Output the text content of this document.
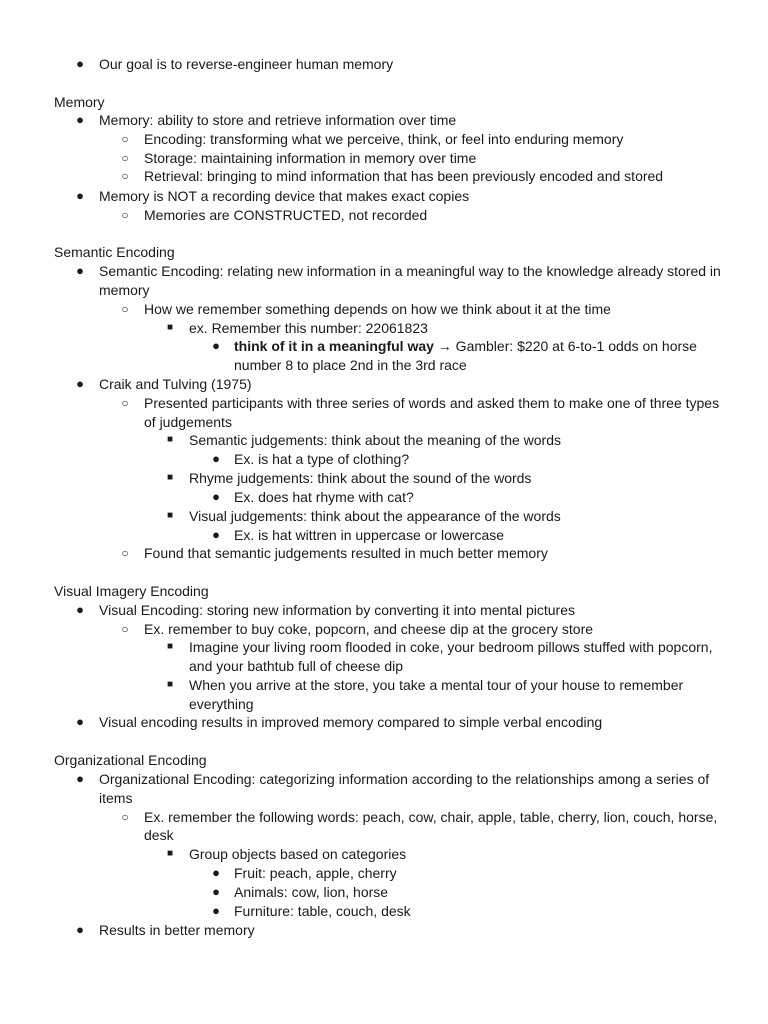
● Our goal is to reverse-engineer human memory
Memory
● Memory: ability to store and retrieve information over time
○ Encoding: transforming what we perceive, think, or feel into enduring memory
○ Storage: maintaining information in memory over time
○ Retrieval: bringing to mind information that has been previously encoded and stored
● Memory is NOT a recording device that makes exact copies
○ Memories are CONSTRUCTED, not recorded
Semantic Encoding
● Semantic Encoding: relating new information in a meaningful way to the knowledge already stored in
memory
○ How we remember something depends on how we think about it at the time
■ ex. Remember this number: 22061823
● think of it in a meaningful way → Gambler: $220 at 6-to-1 odds on horse
number 8 to place 2nd in the 3rd race
● Craik and Tulving (1975)
○ Presented participants with three series of words and asked them to make one of three types
of judgements
■ Semantic judgements: think about the meaning of the words
● Ex. is hat a type of clothing?
■ Rhyme judgements: think about the sound of the words
● Ex. does hat rhyme with cat?
■ Visual judgements: think about the appearance of the words
● Ex. is hat wittren in uppercase or lowercase
○ Found that semantic judgements resulted in much better memory
Visual Imagery Encoding
● Visual Encoding: storing new information by converting it into mental pictures
○ Ex. remember to buy coke, popcorn, and cheese dip at the grocery store
■ Imagine your living room flooded in coke, your bedroom pillows stuffed with popcorn,
and your bathtub full of cheese dip
■ When you arrive at the store, you take a mental tour of your house to remember
everything
● Visual encoding results in improved memory compared to simple verbal encoding
Organizational Encoding
● Organizational Encoding: categorizing information according to the relationships among a series of
items
○ Ex. remember the following words: peach, cow, chair, apple, table, cherry, lion, couch, horse,
desk
■ Group objects based on categories
● Fruit: peach, apple, cherry
● Animals: cow, lion, horse
● Furniture: table, couch, desk
● Results in better memory
